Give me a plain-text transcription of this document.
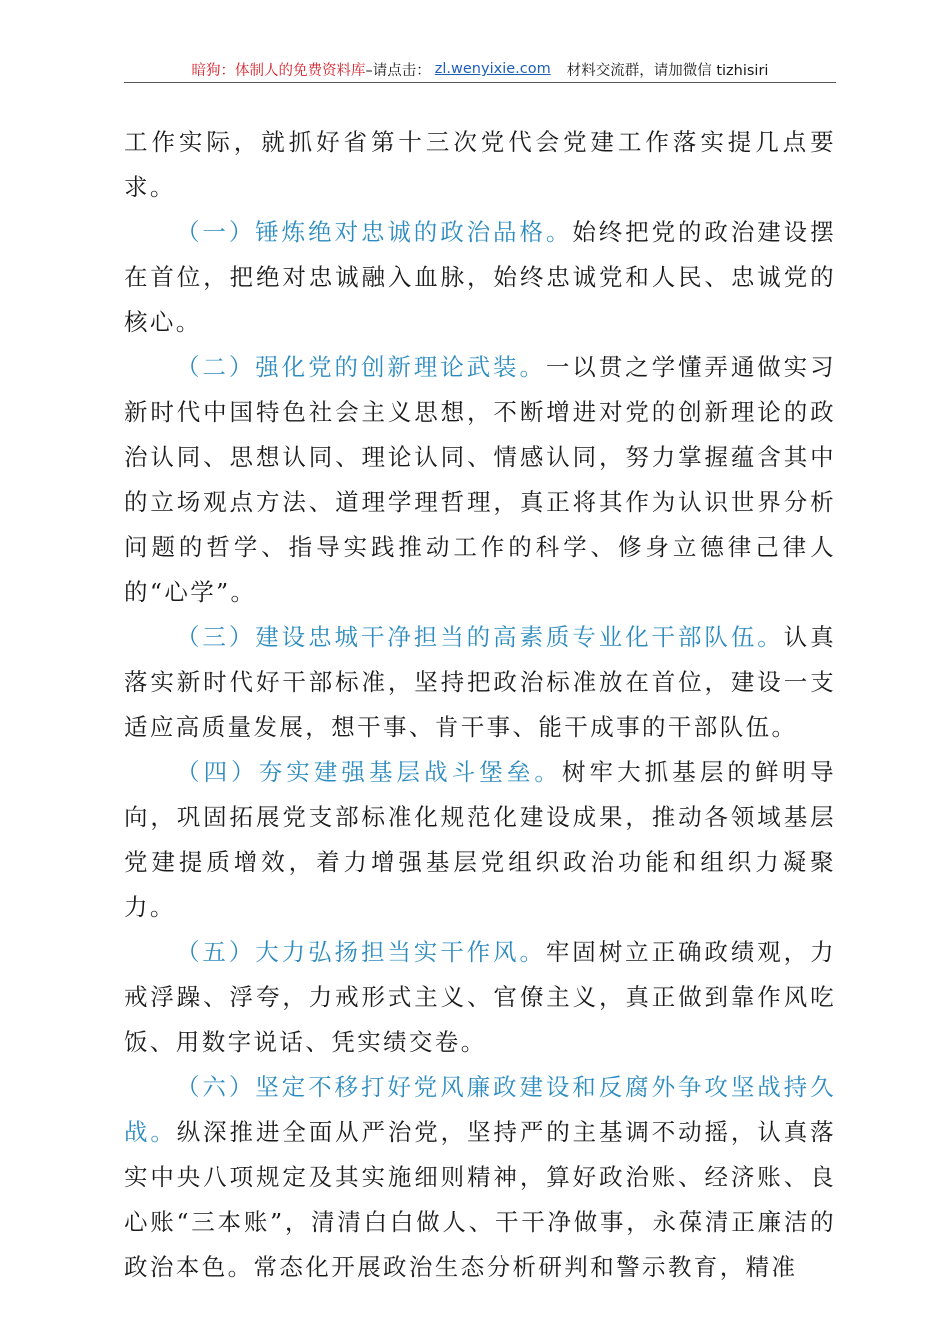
暗狗：体制人的免费资料库 –请点击： zl.wenyixie.com 材料交流群，请加微信 tizhisiri

工作实际，就抓好省第十三次党代会党建工作落实提几点要求。

（一）锤炼绝对忠诚的政治品格。始终把党的政治建设摆在首位，把绝对忠诚融入血脉，始终忠诚党和人民、忠诚党的核心。

（二）强化党的创新理论武装。一以贯之学懂弄通做实习新时代中国特色社会主义思想，不断增进对党的创新理论的政治认同、思想认同、理论认同、情感认同，努力掌握蕴含其中的立场观点方法、道理学理哲理，真正将其作为认识世界分析问题的哲学、指导实践推动工作的科学、修身立德律己律人的“心学”。

（三）建设忠城干净担当的高素质专业化干部队伍。认真落实新时代好干部标准，坚持把政治标准放在首位，建设一支适应高质量发展，想干事、肯干事、能干成事的干部队伍。

（四）夯实建强基层战斗堡垒。树牢大抓基层的鲜明导向，巩固拓展党支部标准化规范化建设成果，推动各领域基层党建提质增效，着力增强基层党组织政治功能和组织力凝聚力。

（五）大力弘扬担当实干作风。牢固树立正确政绩观，力戒浮躁、浮夸，力戒形式主义、官僚主义，真正做到靠作风吃饭、用数字说话、凭实绩交卷。

（六）坚定不移打好党风廉政建设和反腐外争攻坚战持久战。纵深推进全面从严治党，坚持严的主基调不动摇，认真落实中央八项规定及其实施细则精神，算好政治账、经济账、良心账“三本账”，清清白白做人、干干净做事，永葆清正廉洁的政治本色。常态化开展政治生态分析研判和警示教育，精准
